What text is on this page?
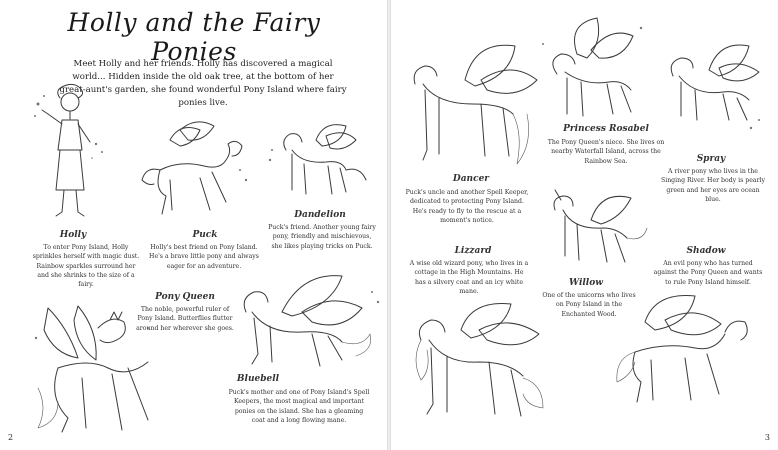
Holly and the Fairy Ponies
Meet Holly and her friends. Holly has discovered a magical world... Hidden inside the old oak tree, at the bottom of her great-aunt's garden, she found wonderful Pony Island where fairy ponies live.
Holly
To enter Pony Island, Holly sprinkles herself with magic dust. Rainbow sparkles surround her and she shrinks to the size of a fairy.
Puck
Holly's best friend on Pony Island. He's a brave little pony and always eager for an adventure.
Dandelion
Puck's friend. Another young fairy pony, friendly and mischievous, she likes playing tricks on Puck.
Pony Queen
The noble, powerful ruler of Pony Island. Butterflies flutter around her wherever she goes.
Bluebell
Puck's mother and one of Pony Island's Spell Keepers, the most magical and important ponies on the island. She has a gleaming coat and a long flowing mane.
2
Dancer
Puck's uncle and another Spell Keeper, dedicated to protecting Pony Island. He's ready to fly to the rescue at a moment's notice.
Princess Rosabel
The Pony Queen's niece. She lives on nearby Waterfall Island, across the Rainbow Sea.	Spray
A river pony who lives in the Singing River. Her body is pearly green and her eyes are ocean blue.
Willow
One of the unicorns who lives on Pony Island in the Enchanted Wood.
Lizzard
A wise old wizard pony, who lives in a cottage in the High Mountains. He has a silvery coat and an icy white mane.
Shadow
An evil pony who has turned against the Pony Queen and wants to rule Pony Island himself.
3
